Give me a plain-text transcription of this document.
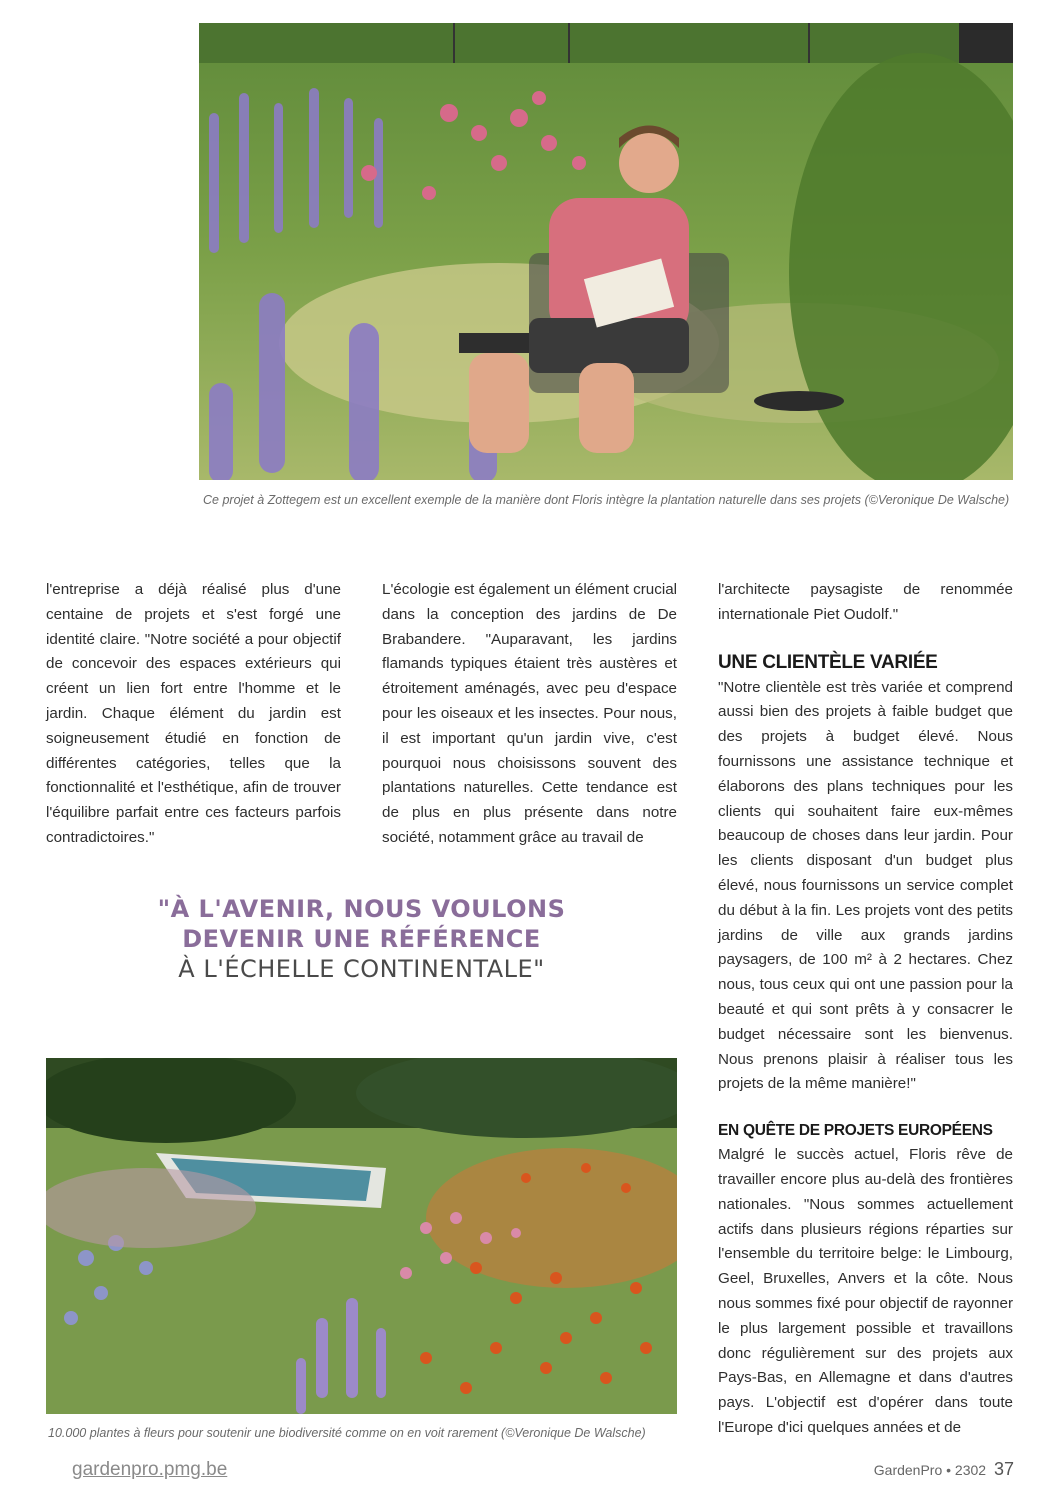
Ce projet à Zottegem est un excellent exemple de la manière dont Floris intègre la plantation naturelle dans ses projets (©Veronique De Walsche)

l'entreprise a déjà réalisé plus d'une centaine de projets et s'est forgé une identité claire. "Notre société a pour objectif de concevoir des espaces extérieurs qui créent un lien fort entre l'homme et le jardin. Chaque élément du jardin est soigneusement étudié en fonction de différentes catégories, telles que la fonctionnalité et l'esthétique, afin de trouver l'équilibre parfait entre ces facteurs parfois contradictoires."

L'écologie est également un élément crucial dans la conception des jardins de De Brabandere. "Auparavant, les jardins flamands typiques étaient très austères et étroitement aménagés, avec peu d'espace pour les oiseaux et les insectes. Pour nous, il est important qu'un jardin vive, c'est pourquoi nous choisissons souvent des plantations naturelles. Cette tendance est de plus en plus présente dans notre société, notamment grâce au travail de

l'architecte paysagiste de renommée internationale Piet Oudolf."

UNE CLIENTÈLE VARIÉE

"Notre clientèle est très variée et comprend aussi bien des projets à faible budget que des projets à budget élevé. Nous fournissons une assistance technique et élaborons des plans techniques pour les clients qui souhaitent faire eux-mêmes beaucoup de choses dans leur jardin. Pour les clients disposant d'un budget plus élevé, nous fournissons un service complet du début à la fin. Les projets vont des petits jardins de ville aux grands jardins paysagers, de 100 m² à 2 hectares. Chez nous, tous ceux qui ont une passion pour la beauté et qui sont prêts à y consacrer le budget nécessaire sont les bienvenus. Nous prenons plaisir à réaliser tous les projets de la même manière!"

EN QUÊTE DE PROJETS EUROPÉENS

Malgré le succès actuel, Floris rêve de travailler encore plus au-delà des frontières nationales. "Nous sommes actuellement actifs dans plusieurs régions réparties sur l'ensemble du territoire belge: le Limbourg, Geel, Bruxelles, Anvers et la côte. Nous nous sommes fixé pour objectif de rayonner le plus largement possible et travaillons donc régulièrement sur des projets aux Pays-Bas, en Allemagne et dans d'autres pays. L'objectif est d'opérer dans toute l'Europe d'ici quelques années et de

"À L'AVENIR, NOUS VOULONS
DEVENIR UNE RÉFÉRENCE
À L'ÉCHELLE CONTINENTALE"
10.000 plantes à fleurs pour soutenir une biodiversité comme on en voit rarement (©Veronique De Walsche)
gardenpro.pmg.be	GardenPro • 2302 37
